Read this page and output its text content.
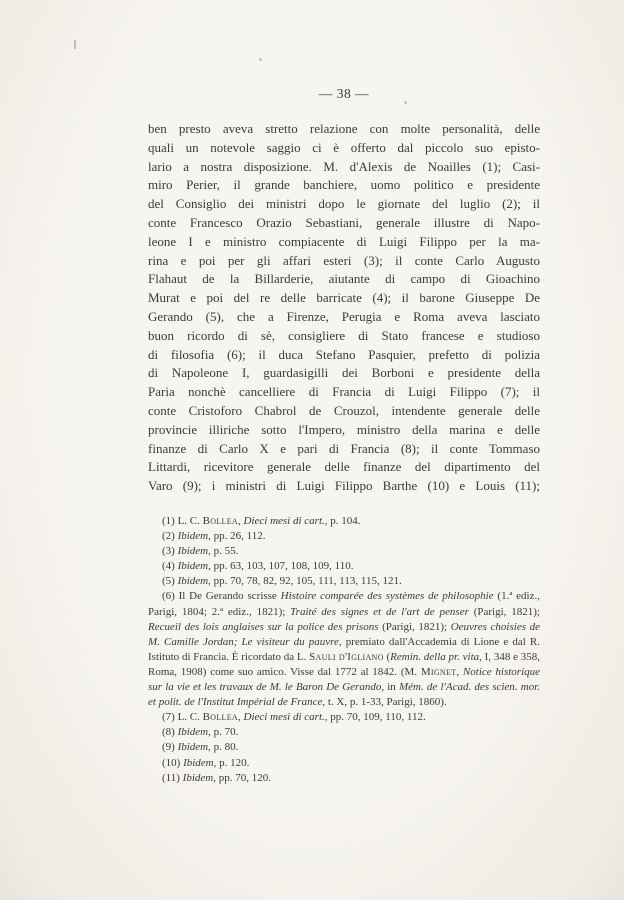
— 38 —
ben presto aveva stretto relazione con molte personalità, delle
quali un notevole saggio ci è offerto dal piccolo suo episto-
lario a nostra disposizione. M. d'Alexis de Noailles (1); Casi-
miro Perier, il grande banchiere, uomo politico e presidente
del Consiglio dei ministri dopo le giornate del luglio (2); il
conte Francesco Orazio Sebastiani, generale illustre di Napo-
leone I e ministro compiacente di Luigi Filippo per la ma-
rina e poi per gli affari esteri (3); il conte Carlo Augusto
Flahaut de la Billarderie, aiutante di campo di Gioachino
Murat e poi del re delle barricate (4); il barone Giuseppe De
Gerando (5), che a Firenze, Perugia e Roma aveva lasciato
buon ricordo di sè, consigliere di Stato francese e studioso
di filosofia (6); il duca Stefano Pasquier, prefetto di polizia
di Napoleone I, guardasigilli dei Borboni e presidente della
Paria nonchè cancelliere di Francia di Luigi Filippo (7); il
conte Cristoforo Chabrol de Crouzol, intendente generale delle
provincie illiriche sotto l'Impero, ministro della marina e delle
finanze di Carlo X e pari di Francia (8); il conte Tommaso
Littardi, ricevitore generale delle finanze del dipartimento del
Varo (9); i ministri di Luigi Filippo Barthe (10) e Louis (11);

(1) L. C. Bollea, Dieci mesi di cart., p. 104.

(2) Ibidem, pp. 26, 112.

(3) Ibidem, p. 55.

(4) Ibidem, pp. 63, 103, 107, 108, 109, 110.

(5) Ibidem, pp. 70, 78, 82, 92, 105, 111, 113, 115, 121.

(6) Il De Gerando scrisse Histoire comparée des systèmes de philosophie (1.ª ediz., Parigi, 1804; 2.ª ediz., 1821); Traité des signes et de l'art de penser (Parigi, 1821); Recueil des lois anglaises sur la police des prisons (Parigi, 1821); Oeuvres choisies de M. Camille Jordan; Le visiteur du pauvre, premiato dall'Accademia di Lione e dal R. Istituto di Francia. È ricordato da L. Sauli d'Igliano (Remin. della pr. vita, I, 348 e 358, Roma, 1908) come suo amico. Visse dal 1772 al 1842. (M. Mignet, Notice historique sur la vie et les travaux de M. le Baron De Gerando, in Mém. de l'Acad. des scien. mor. et polit. de l'Institut Impérial de France, t. X, p. 1-33, Parigi, 1860).

(7) L. C. Bollea, Dieci mesi di cart., pp. 70, 109, 110, 112.

(8) Ibidem, p. 70.

(9) Ibidem, p. 80.

(10) Ibidem, p. 120.

(11) Ibidem, pp. 70, 120.
